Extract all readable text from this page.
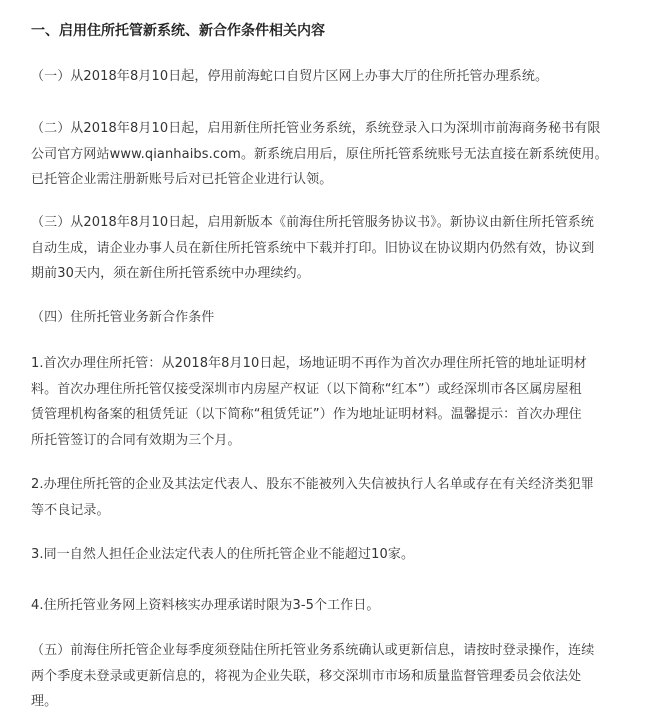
一、启用住所托管新系统、新合作条件相关内容
（一）从2018年8月10日起，停用前海蛇口自贸片区网上办事大厅的住所托管办理系统。
（二）从2018年8月10日起，启用新住所托管业务系统，系统登录入口为深圳市前海商务秘书有限
公司官方网站www.qianhaibs.com。新系统启用后，原住所托管系统账号无法直接在新系统使用。
已托管企业需注册新账号后对已托管企业进行认领。
（三）从2018年8月10日起，启用新版本《前海住所托管服务协议书》。新协议由新住所托管系统
自动生成，请企业办事人员在新住所托管系统中下载并打印。旧协议在协议期内仍然有效，协议到
期前30天内，须在新住所托管系统中办理续约。
（四）住所托管业务新合作条件
1.首次办理住所托管：从2018年8月10日起，场地证明不再作为首次办理住所托管的地址证明材
料。首次办理住所托管仅接受深圳市内房屋产权证（以下简称“红本”）或经深圳市各区属房屋租
赁管理机构备案的租赁凭证（以下简称“租赁凭证”）作为地址证明材料。温馨提示：首次办理住
所托管签订的合同有效期为三个月。
2.办理住所托管的企业及其法定代表人、股东不能被列入失信被执行人名单或存在有关经济类犯罪
等不良记录。
3.同一自然人担任企业法定代表人的住所托管企业不能超过10家。
4.住所托管业务网上资料核实办理承诺时限为3-5个工作日。
（五）前海住所托管企业每季度须登陆住所托管业务系统确认或更新信息，请按时登录操作，连续
两个季度未登录或更新信息的，将视为企业失联，移交深圳市市场和质量监督管理委员会依法处
理。
